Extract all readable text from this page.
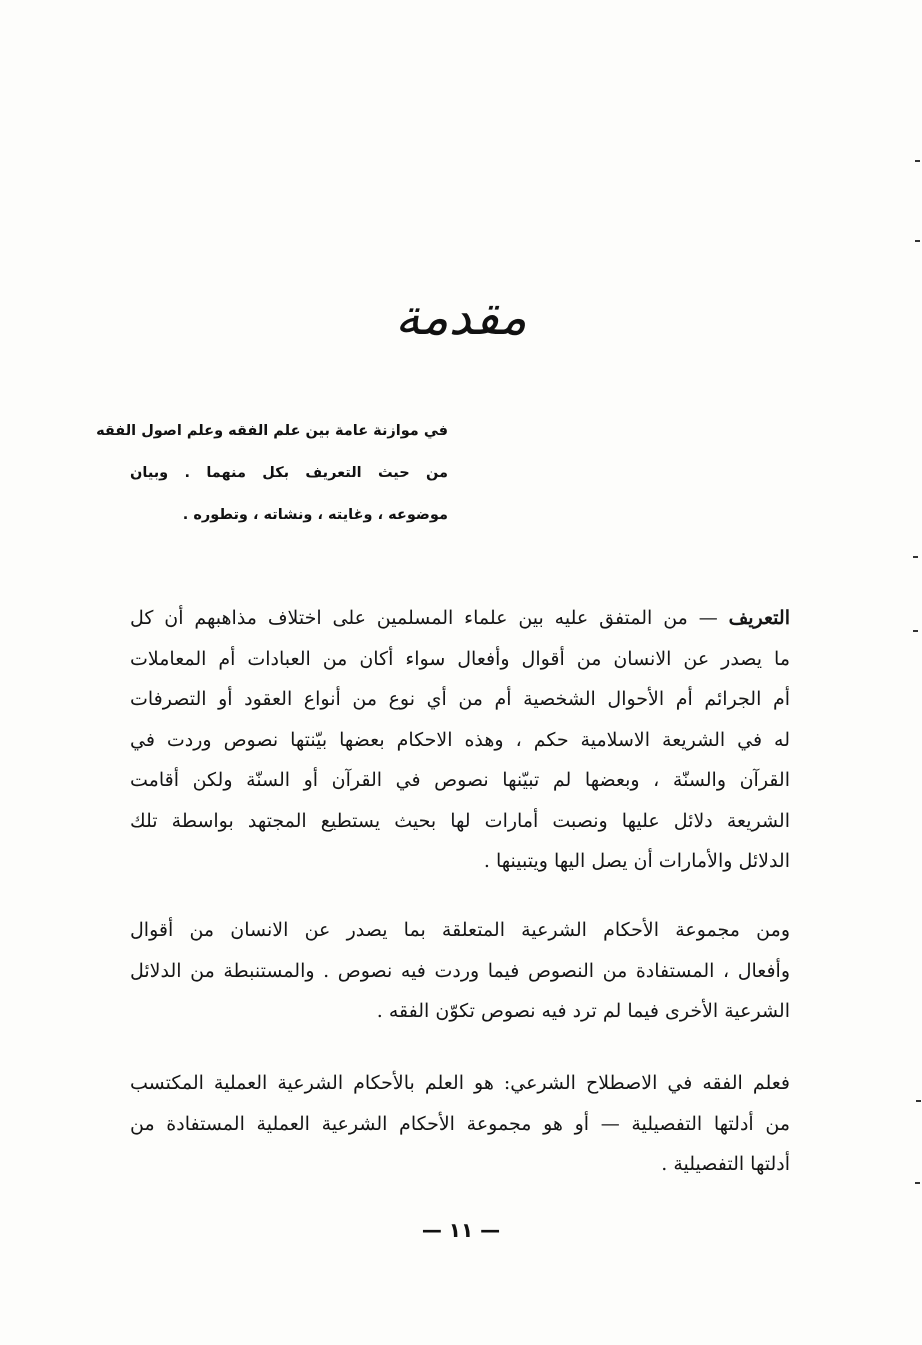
مقدمة
في موازنة عامة بين علم الفقه وعلم اصول الفقه
من حيث التعريف بكل منهما . وبيان
موضوعه ، وغايته ، ونشاته ، وتطوره .
التعريف — من المتفق عليه بين علماء المسلمين على اختلاف مذاهبهم أن كل
ما يصدر عن الانسان من أقوال وأفعال سواء أكان من العبادات أم المعاملات
أم الجرائم أم الأحوال الشخصية أم من أي نوع من أنواع العقود أو التصرفات
له في الشريعة الاسلامية حكم ، وهذه الاحكام بعضها بيّنتها نصوص وردت في
القرآن والسنّة ، وبعضها لم تبيّنها نصوص في القرآن أو السنّة ولكن أقامت
الشريعة دلائل عليها ونصبت أمارات لها بحيث يستطيع المجتهد بواسطة تلك
الدلائل والأمارات أن يصل اليها ويتبينها .
ومن مجموعة الأحكام الشرعية المتعلقة بما يصدر عن الانسان من أقوال
وأفعال ، المستفادة من النصوص فيما وردت فيه نصوص . والمستنبطة من الدلائل
الشرعية الأخرى فيما لم ترد فيه نصوص تكوّن الفقه .
فعلم الفقه في الاصطلاح الشرعي: هو العلم بالأحكام الشرعية العملية المكتسب
من أدلتها التفصيلية — أو هو مجموعة الأحكام الشرعية العملية المستفادة من
أدلتها التفصيلية .
— ١١ —
